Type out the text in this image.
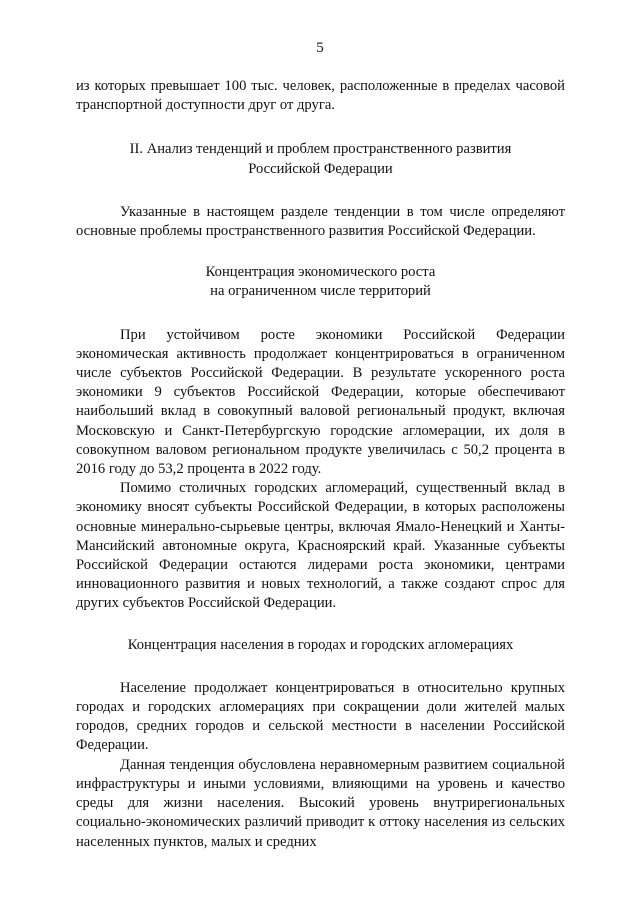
5

из которых превышает 100 тыс. человек, расположенные в пределах часовой транспортной доступности друг от друга.

II. Анализ тенденций и проблем пространственного развития

Российской Федерации

Указанные в настоящем разделе тенденции в том числе определяют основные проблемы пространственного развития Российской Федерации.

Концентрация экономического роста

на ограниченном числе территорий

При устойчивом росте экономики Российской Федерации экономическая активность продолжает концентрироваться в ограниченном числе субъектов Российской Федерации. В результате ускоренного роста экономики 9 субъектов Российской Федерации, которые обеспечивают наибольший вклад в совокупный валовой региональный продукт, включая Московскую и Санкт-Петербургскую городские агломерации, их доля в совокупном валовом региональном продукте увеличилась с 50,2 процента в 2016 году до 53,2 процента в 2022 году.

Помимо столичных городских агломераций, существенный вклад в экономику вносят субъекты Российской Федерации, в которых расположены основные минерально-сырьевые центры, включая Ямало-Ненецкий и Ханты-Мансийский автономные округа, Красноярский край. Указанные субъекты Российской Федерации остаются лидерами роста экономики, центрами инновационного развития и новых технологий, а также создают спрос для других субъектов Российской Федерации.

Концентрация населения в городах и городских агломерациях

Население продолжает концентрироваться в относительно крупных городах и городских агломерациях при сокращении доли жителей малых городов, средних городов и сельской местности в населении Российской Федерации.

Данная тенденция обусловлена неравномерным развитием социальной инфраструктуры и иными условиями, влияющими на уровень и качество среды для жизни населения. Высокий уровень внутрирегиональных социально-экономических различий приводит к оттоку населения из сельских населенных пунктов, малых и средних
